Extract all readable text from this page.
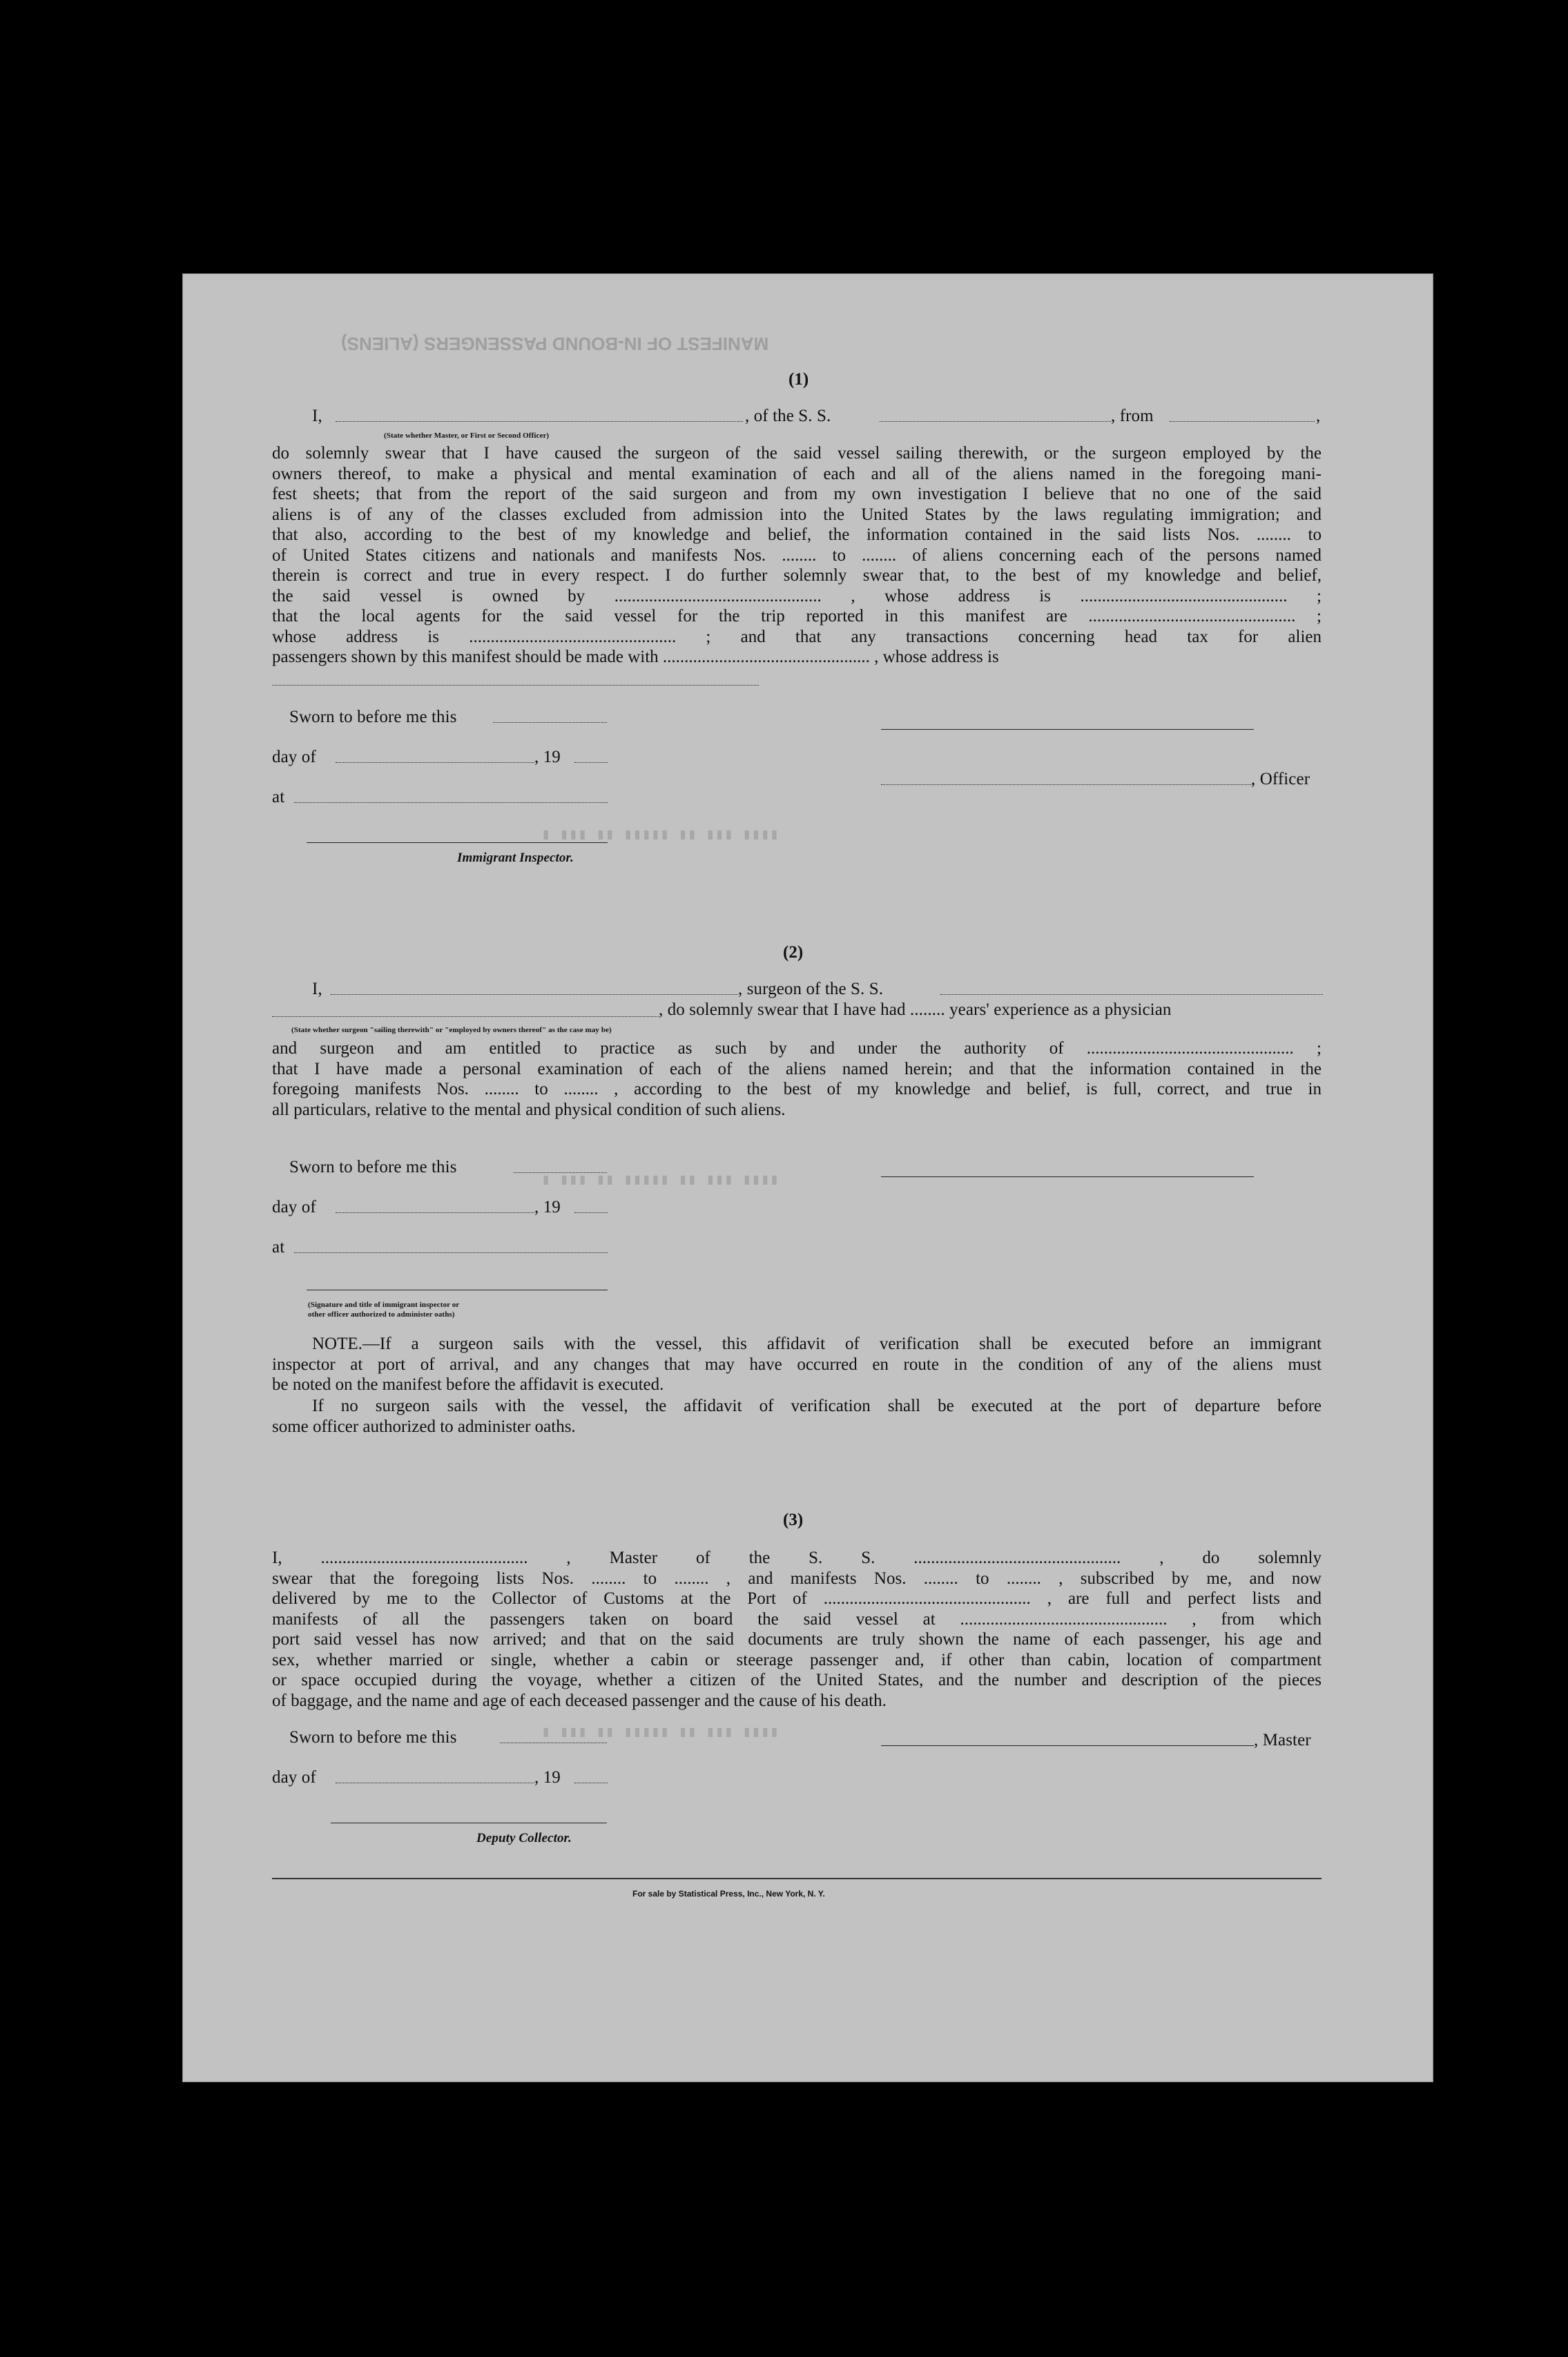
MANIFEST OF IN-BOUND PASSENGERS (ALIENS)
▮ ▮▮▮ ▮▮ ▮▮▮▮▮ ▮▮ ▮▮▮ ▮▮▮▮
▮ ▮▮▮ ▮▮ ▮▮▮▮▮ ▮▮ ▮▮▮ ▮▮▮▮
▮ ▮▮▮ ▮▮ ▮▮▮▮▮ ▮▮ ▮▮▮ ▮▮▮▮
(1)
I,	, of the S. S.	, from	,
(State whether Master, or First or Second Officer)
do solemnly swear that I have caused the surgeon of the said vessel sailing therewith, or the surgeon employed by the
owners thereof, to make a physical and mental examination of each and all of the aliens named in the foregoing mani-
fest sheets; that from the report of the said surgeon and from my own investigation I believe that no one of the said
aliens is of any of the classes excluded from admission into the United States by the laws regulating immigration; and
that also, according to the best of my knowledge and belief, the information contained in the said lists Nos. ........ to
of United States citizens and nationals and manifests Nos. ........ to ........ of aliens concerning each of the persons named
therein is correct and true in every respect. I do further solemnly swear that, to the best of my knowledge and belief,
the said vessel is owned by ................................................ , whose address is ................................................ ;
that the local agents for the said vessel for the trip reported in this manifest are ................................................ ;
whose address is ................................................ ; and that any transactions concerning head tax for alien
passengers shown by this manifest should be made with ................................................ , whose address is
Sworn to before me this
day of	, 19
at
Immigrant Inspector.
, Officer
(2)
I,	, surgeon of the S. S.
, do solemnly swear that I have had ........ years' experience as a physician
(State whether surgeon "sailing therewith" or "employed by owners thereof" as the case may be)
and surgeon and am entitled to practice as such by and under the authority of ................................................ ;
that I have made a personal examination of each of the aliens named herein; and that the information contained in the
foregoing manifests Nos. ........ to ........ , according to the best of my knowledge and belief, is full, correct, and true in
all particulars, relative to the mental and physical condition of such aliens.
Sworn to before me this
day of	, 19
at
(Signature and title of immigrant inspector or
other officer authorized to administer oaths)
NOTE.—If a surgeon sails with the vessel, this affidavit of verification shall be executed before an immigrant
inspector at port of arrival, and any changes that may have occurred en route in the condition of any of the aliens must
be noted on the manifest before the affidavit is executed.
If no surgeon sails with the vessel, the affidavit of verification shall be executed at the port of departure before
some officer authorized to administer oaths.
(3)
I, ................................................ , Master of the S. S. ................................................ , do solemnly
swear that the foregoing lists Nos. ........ to ........ , and manifests Nos. ........ to ........ , subscribed by me, and now
delivered by me to the Collector of Customs at the Port of ................................................ , are full and perfect lists and
manifests of all the passengers taken on board the said vessel at ................................................ , from which
port said vessel has now arrived; and that on the said documents are truly shown the name of each passenger, his age and
sex, whether married or single, whether a cabin or steerage passenger and, if other than cabin, location of compartment
or space occupied during the voyage, whether a citizen of the United States, and the number and description of the pieces
of baggage, and the name and age of each deceased passenger and the cause of his death.
Sworn to before me this
day of	, 19
Deputy Collector.
, Master
For sale by Statistical Press, Inc., New York, N. Y.
